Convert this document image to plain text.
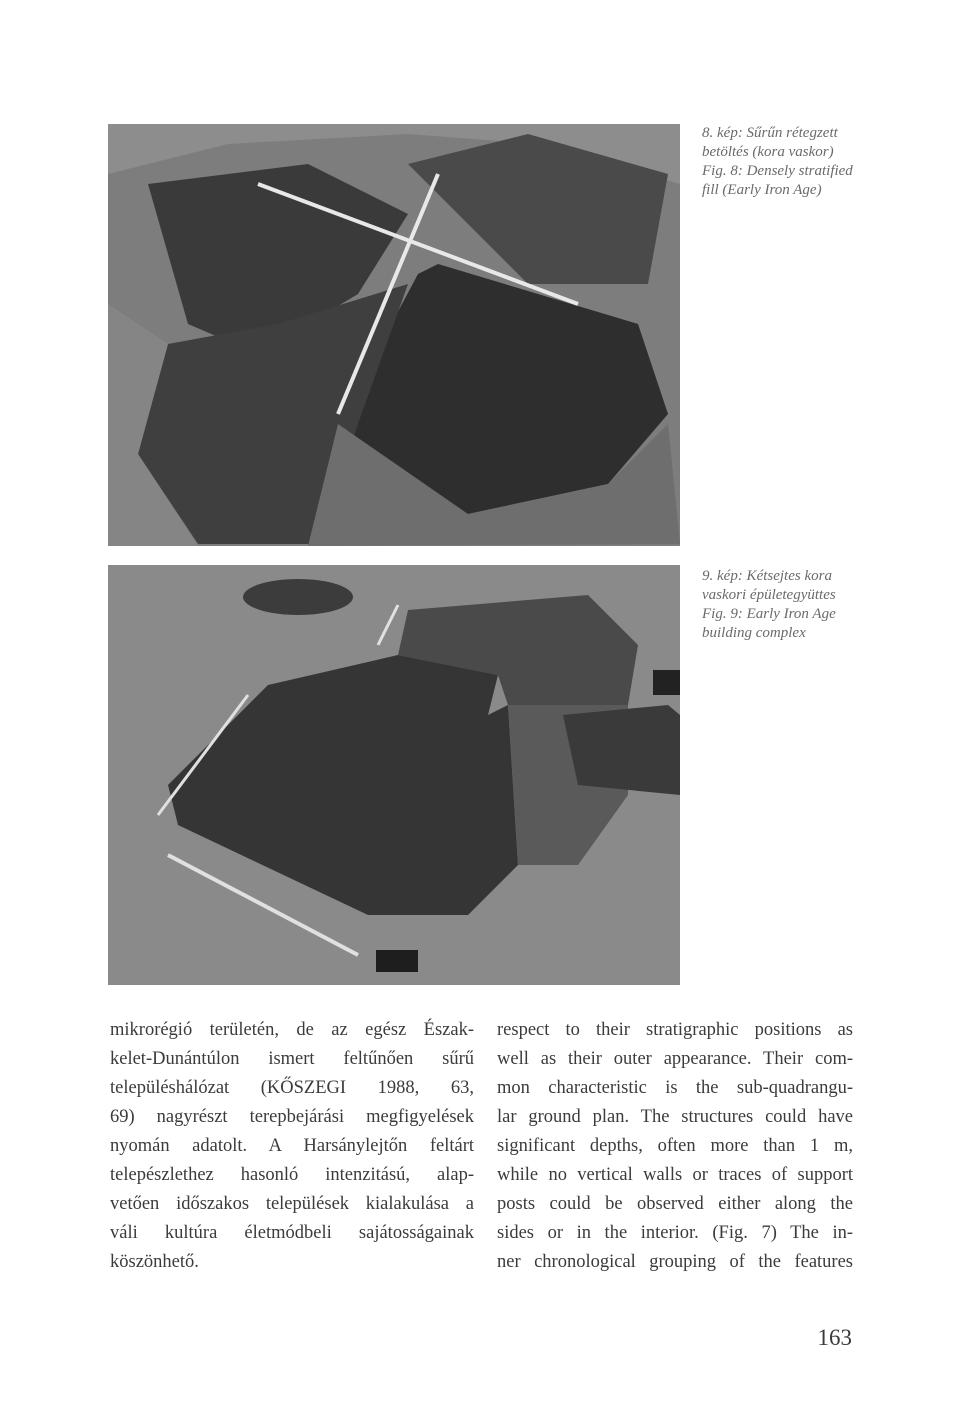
8. kép: Sűrűn rétegzett
betöltés (kora vaskor)
Fig. 8: Densely stratified
fill (Early Iron Age)
9. kép: Kétsejtes kora
vaskori épületegyüttes
Fig. 9: Early Iron Age
building complex
mikrorégió területén, de az egész Észak-
kelet-Dunántúlon ismert feltűnően sűrű
településhálózat (KŐSZEGI 1988, 63,
69) nagyrészt terepbejárási megfigyelések
nyomán adatolt. A Harsánylejtőn feltárt
telepészlethez hasonló intenzitású, alap-
vetően időszakos települések kialakulása a
váli kultúra életmódbeli sajátosságainak
köszönhető.
respect to their stratigraphic positions as
well as their outer appearance. Their com-
mon characteristic is the sub-quadrangu-
lar ground plan. The structures could have
significant depths, often more than 1 m,
while no vertical walls or traces of support
posts could be observed either along the
sides or in the interior. (Fig. 7) The in-
ner chronological grouping of the features
163
